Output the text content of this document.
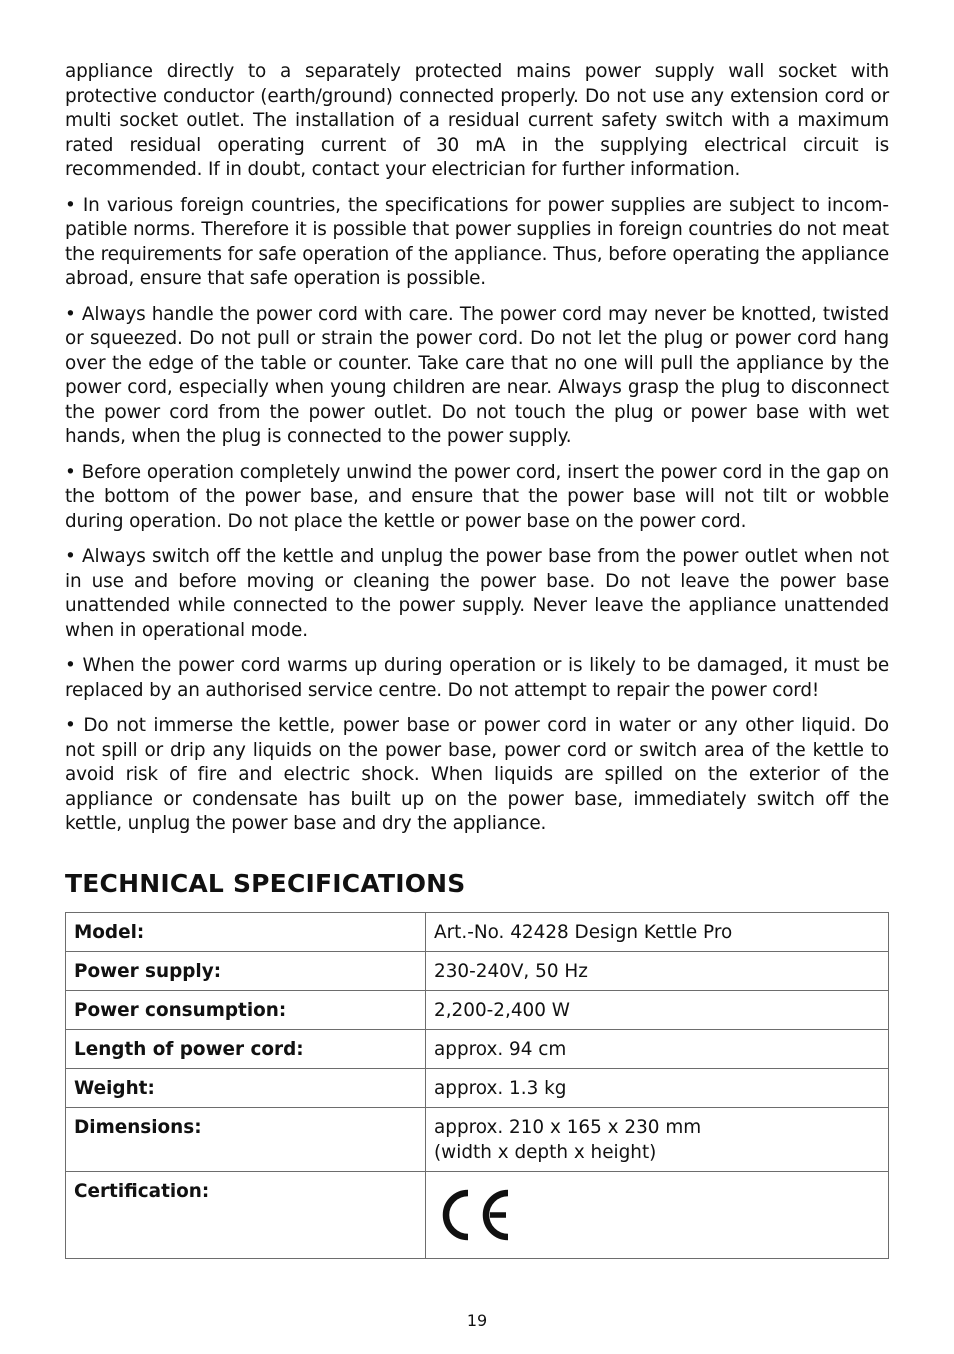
appliance directly to a separately protected mains power supply wall socket with protective conductor (earth/ground) connected properly. Do not use any extension cord or multi socket outlet. The installation of a residual current safety switch with a maximum rated residual operating current of 30 mA in the supplying electrical circuit is recommended. If in doubt, contact your electrician for further information.

• In various foreign countries, the specifications for power supplies are subject to incompatible norms. Therefore it is possible that power supplies in foreign countries do not meat the requirements for safe operation of the appliance. Thus, before operating the appliance abroad, ensure that safe operation is possible.

• Always handle the power cord with care. The power cord may never be knotted, twisted or squeezed. Do not pull or strain the power cord. Do not let the plug or power cord hang over the edge of the table or counter. Take care that no one will pull the appliance by the power cord, especially when young children are near. Always grasp the plug to disconnect the power cord from the power outlet. Do not touch the plug or power base with wet hands, when the plug is connected to the power supply.

• Before operation completely unwind the power cord, insert the power cord in the gap on the bottom of the power base, and ensure that the power base will not tilt or wobble during operation. Do not place the kettle or power base on the power cord.

• Always switch off the kettle and unplug the power base from the power outlet when not in use and before moving or cleaning the power base. Do not leave the power base unattended while connected to the power supply. Never leave the appliance unattended when in operational mode.

• When the power cord warms up during operation or is likely to be damaged, it must be replaced by an authorised service centre. Do not attempt to repair the power cord!

• Do not immerse the kettle, power base or power cord in water or any other liquid. Do not spill or drip any liquids on the power base, power cord or switch area of the kettle to avoid risk of fire and electric shock. When liquids are spilled on the exterior of the appliance or condensate has built up on the power base, immediately switch off the kettle, unplug the power base and dry the appliance.

TECHNICAL SPECIFICATIONS
Model:	Art.-No. 42428 Design Kettle Pro
Power supply:	230-240V, 50 Hz
Power consumption:	2,200-2,400 W
Length of power cord:	approx. 94 cm
Weight:	approx. 1.3 kg
Dimensions:	approx. 210 x 165 x 230 mm
(width x depth x height)

Certification:	
19
